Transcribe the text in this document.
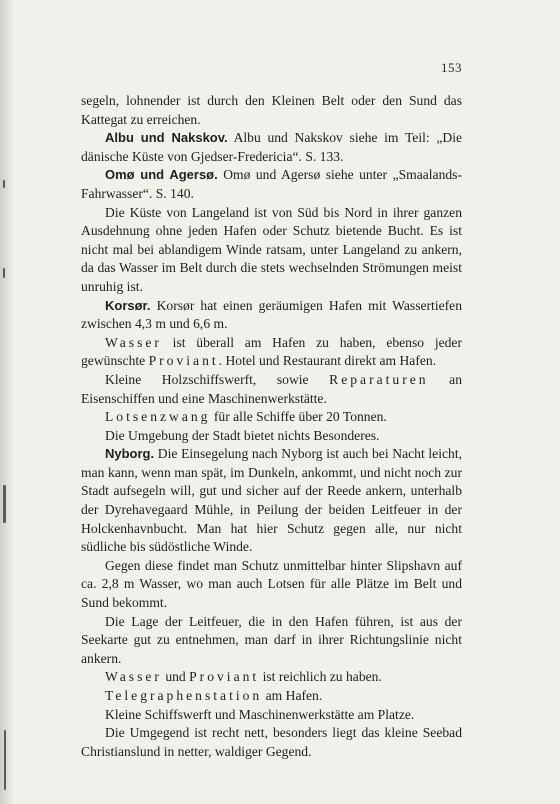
153

segeln, lohnender ist durch den Kleinen Belt oder den Sund das Kattegat zu erreichen.

Albu und Nakskov. Albu und Nakskov siehe im Teil: „Die dänische Küste von Gjedser-Fredericia“. S. 133.

Omø und Agersø. Omø und Agersø siehe unter „Smaalands-Fahrwasser“. S. 140.

Die Küste von Langeland ist von Süd bis Nord in ihrer ganzen Ausdehnung ohne jeden Hafen oder Schutz bietende Bucht. Es ist nicht mal bei ablandigem Winde ratsam, unter Langeland zu ankern, da das Wasser im Belt durch die stets wechselnden Strömungen meist unruhig ist.

Korsør. Korsør hat einen geräumigen Hafen mit Wassertiefen zwischen 4,3 m und 6,6 m.

Wasser ist überall am Hafen zu haben, ebenso jeder gewünschte Proviant. Hotel und Restaurant direkt am Hafen.

Kleine Holzschiffswerft, sowie Reparaturen an Eisenschiffen und eine Maschinenwerkstätte.

Lotsenzwang für alle Schiffe über 20 Tonnen.

Die Umgebung der Stadt bietet nichts Besonderes.

Nyborg. Die Einsegelung nach Nyborg ist auch bei Nacht leicht, man kann, wenn man spät, im Dunkeln, ankommt, und nicht noch zur Stadt aufsegeln will, gut und sicher auf der Reede ankern, unterhalb der Dyrehavegaard Mühle, in Peilung der beiden Leitfeuer in der Holckenhavnbucht. Man hat hier Schutz gegen alle, nur nicht südliche bis südöstliche Winde.

Gegen diese findet man Schutz unmittelbar hinter Slipshavn auf ca. 2,8 m Wasser, wo man auch Lotsen für alle Plätze im Belt und Sund bekommt.

Die Lage der Leitfeuer, die in den Hafen führen, ist aus der Seekarte gut zu entnehmen, man darf in ihrer Richtungslinie nicht ankern.

Wasser und Proviant ist reichlich zu haben.

Telegraphenstation am Hafen.

Kleine Schiffswerft und Maschinenwerkstätte am Platze.

Die Umgegend ist recht nett, besonders liegt das kleine Seebad Christianslund in netter, waldiger Gegend.
